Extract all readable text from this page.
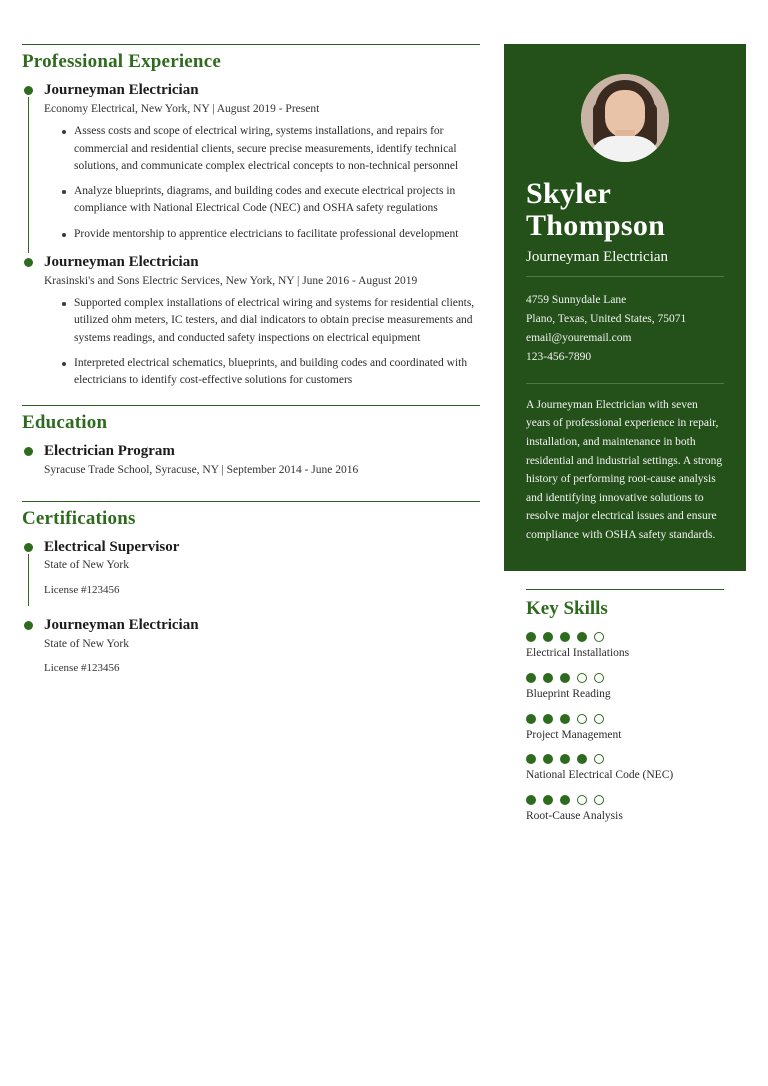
Professional Experience
Journeyman Electrician
Economy Electrical, New York, NY | August 2019 - Present
Assess costs and scope of electrical wiring, systems installations, and repairs for commercial and residential clients, secure precise measurements, identify technical solutions, and communicate complex electrical concepts to non-technical personnel
Analyze blueprints, diagrams, and building codes and execute electrical projects in compliance with National Electrical Code (NEC) and OSHA safety regulations
Provide mentorship to apprentice electricians to facilitate professional development
Journeyman Electrician
Krasinski's and Sons Electric Services, New York, NY | June 2016 - August 2019
Supported complex installations of electrical wiring and systems for residential clients, utilized ohm meters, IC testers, and dial indicators to obtain precise measurements and systems readings, and conducted safety inspections on electrical equipment
Interpreted electrical schematics, blueprints, and building codes and coordinated with electricians to identify cost-effective solutions for customers
Education
Electrician Program
Syracuse Trade School, Syracuse, NY | September 2014 - June 2016
Certifications
Electrical Supervisor
State of New York
License #123456
Journeyman Electrician
State of New York
License #123456
Skyler
Thompson
Journeyman Electrician
4759 Sunnydale Lane
Plano, Texas, United States, 75071
email@youremail.com
123-456-7890
A Journeyman Electrician with seven years of professional experience in repair, installation, and maintenance in both residential and industrial settings. A strong history of performing root-cause analysis and identifying innovative solutions to resolve major electrical issues and ensure compliance with OSHA safety standards.
Key Skills
Electrical Installations
Blueprint Reading
Project Management
National Electrical Code (NEC)
Root-Cause Analysis
